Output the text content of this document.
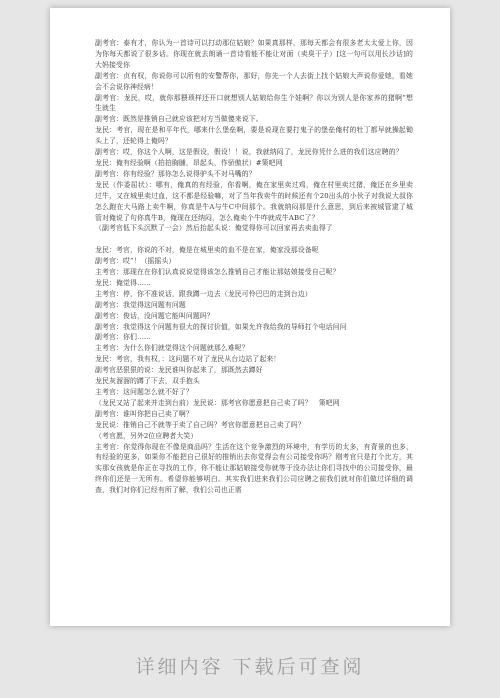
副考官：泰有才，你认为一首诗可以打动那位姑娘？如果真那样，那每天都会有很多老太太爱上你，因为你每天都说了很多话。你现在就去朗诵一首诗看能不能让对面（卖臭干子）[这一句可以用长沙话]的大妈接受你

副考官：贞有权，你说你可以所有的安警帮你，那好，你先一个人去街上找个姑娘大声说你爱她，看她会不会说你神经病！

副考官：龙民，哎，就你那猥琐样还开口就想别人姑娘给你生个娃啊？你以为别人是你家养的猪啊”想生就生

副考官：既然是推销自己就应该把对方当做傻来说下。

龙民：考官，现在是和平年代，哪来什么堡垒啊，要是说现在要打鬼子的堡垒俺村的牡丁都早就操起锄头上了，还轮得上俺吗？

副考官：哎，你这个人啊，这是假设，假设！！说，我就纳闷了，龙民你凭什么进的我们这应聘的？

龙民：俺有经验啊（拍拍胸脯，昂起头，作骄傲状）#策吧网

副考官：你有经验？那你怎么说得驴头不对马嘴的？

龙民（作委屈状）：哪有，俺真的有经验，你看啊，俺在家里卖过鸡，俺在村里卖过猪，俺还在乡里卖过牛，又在城里卖过血，这不都是经验嘛，对了当年我卖牛的时候还有个20出头的小伙子对我说大叔你怎么跑在大马路上卖牛啊，你真是牛A与牛C中间那个。我就纳闷那是什么意思，到后来被城管逮了城管对俺说了句你真牛B，俺现在还纳闷，怎么俺卖个牛咋就成牛ABC了？

（副考官低下头沉默了一会）然后抬起头说：俺觉得你可以回家再去卖血得了

龙民：考官，你说的不对，俺是在城里卖的血不是在家，俺家没那设备呢

副考官：哎”！（摇摇头）

主考官：那现在在你们认真说说觉得该怎么推销自己才能让那姑娘接受自己呢？

龙民：俺觉得……

主考官：停，你不准说话，跟我蹲一边去（龙民可怜巴巴的走到台边）

副考官：我觉得这问题有问题

副考官：俊话，没问题它能叫问题吗？

副考官：我觉得这个问题有很大的探讨价值，如果允许我给我的导师打个电话问问

副考官：你们……

主考官：为什么你们就觉得这个问题就那么难呢？

龙民：考官，我有权，：这问题不对了龙民从台边站了起来！

副考官恶狠狠的说：龙民谁叫你起来了，那既然去蹲好

龙民灰溜溜的蹲了下去，双手抱头

主考官：这问题怎么就不好了？

（龙民又站了起来并走到台前）龙民说：那考官你愿意把自己卖了吗？　策吧网

副考官：谁叫你把自己卖了啊？

龙民说：推销自己不就等于卖了自己吗？考官你愿意把自己卖了吗？

（考官愿，另外2位应聘者大笑）

主考官：你觉得你现在不像是商品吗？生活在这个竞争激烈的环境中，有学历的太多，有背景的也多，有经验的更多，如果你不能把自己很好的推销出去你觉得会有公司接受你吗？刚考官只是打个比方，其实那女孩就是你正在寻找的工作，你不能让那姑娘接受你就等于没办法让你们寻找中的公司接受你，最终你们还是一无所有。希望你能够明白。其实我们进来我们公司应聘之前我们就对你们做过详细的调查，我们对你们已经有所了解，我们公司也正需

详细内容 下载后可查阅
